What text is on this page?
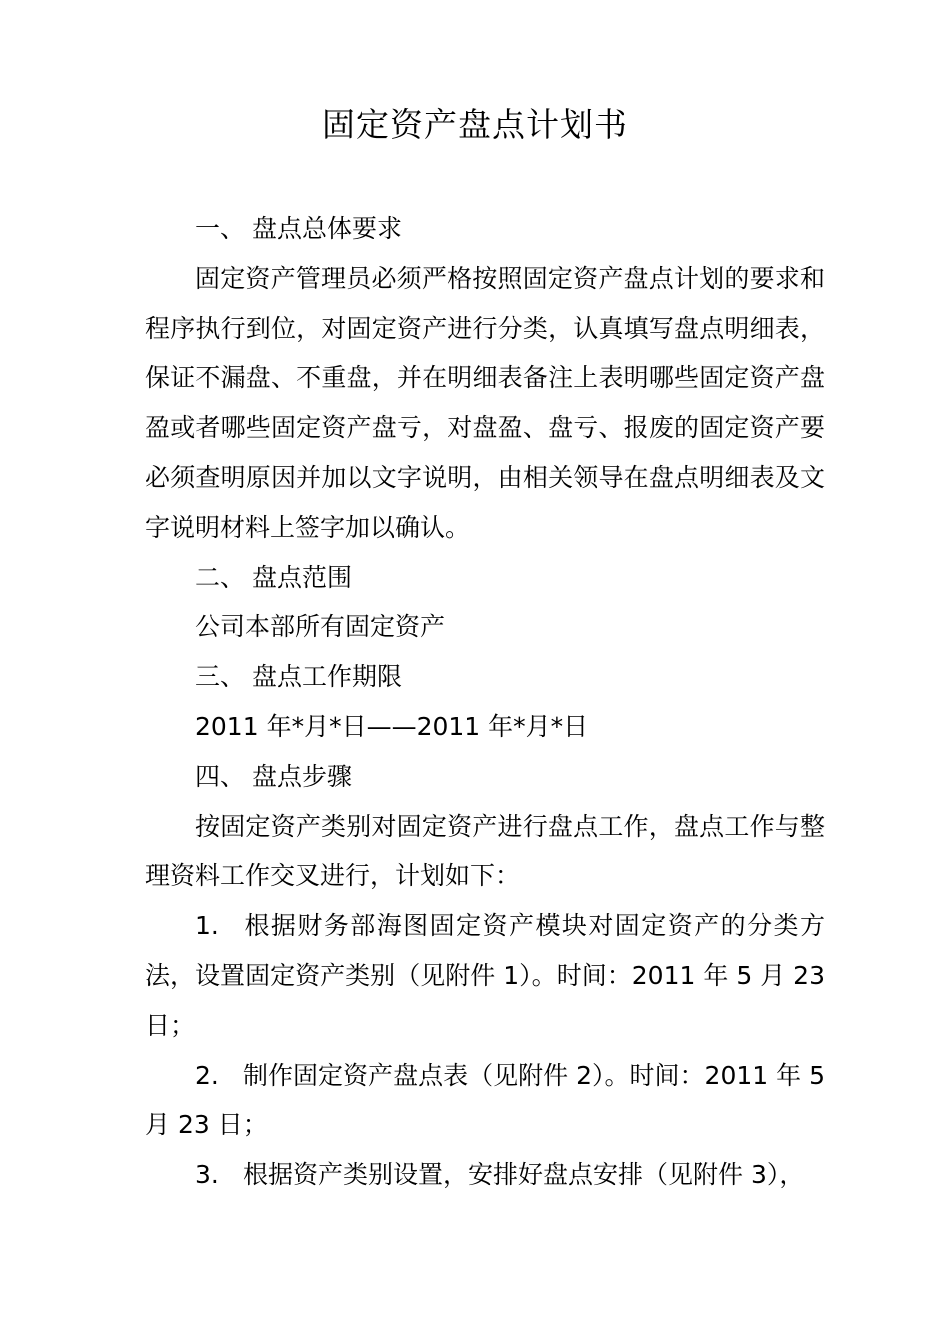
固定资产盘点计划书

一、 盘点总体要求

固定资产管理员必须严格按照固定资产盘点计划的要求和程序执行到位，对固定资产进行分类，认真填写盘点明细表，保证不漏盘、不重盘，并在明细表备注上表明哪些固定资产盘盈或者哪些固定资产盘亏，对盘盈、盘亏、报废的固定资产要必须查明原因并加以文字说明，由相关领导在盘点明细表及文字说明材料上签字加以确认。

二、 盘点范围

公司本部所有固定资产

三、 盘点工作期限

2011 年*月*日——2011 年*月*日

四、 盘点步骤

按固定资产类别对固定资产进行盘点工作，盘点工作与整理资料工作交叉进行，计划如下：

1. 根据财务部海图固定资产模块对固定资产的分类方法，设置固定资产类别（见附件 1）。时间：2011 年 5 月 23 日；

2. 制作固定资产盘点表（见附件 2）。时间：2011 年 5 月 23 日；

3. 根据资产类别设置，安排好盘点安排（见附件 3），
